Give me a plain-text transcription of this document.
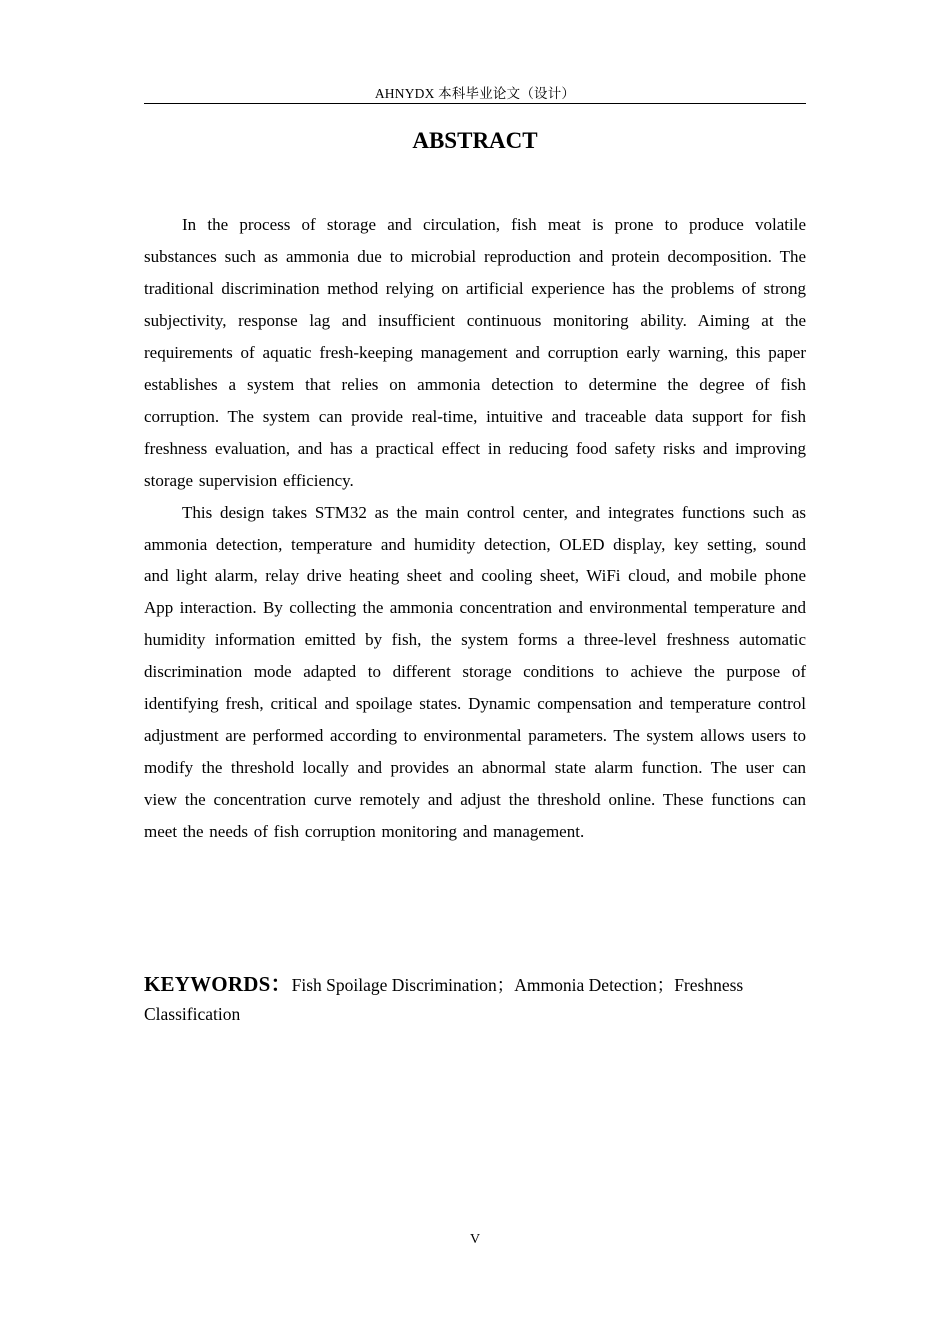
AHNYDX 本科毕业论文（设计）
ABSTRACT

In the process of storage and circulation, fish meat is prone to produce volatile substances such as ammonia due to microbial reproduction and protein decomposition. The traditional discrimination method relying on artificial experience has the problems of strong subjectivity, response lag and insufficient continuous monitoring ability. Aiming at the requirements of aquatic fresh-keeping management and corruption early warning, this paper establishes a system that relies on ammonia detection to determine the degree of fish corruption. The system can provide real-time, intuitive and traceable data support for fish freshness evaluation, and has a practical effect in reducing food safety risks and improving storage supervision efficiency.

This design takes STM32 as the main control center, and integrates functions such as ammonia detection, temperature and humidity detection, OLED display, key setting, sound and light alarm, relay drive heating sheet and cooling sheet, WiFi cloud, and mobile phone App interaction. By collecting the ammonia concentration and environmental temperature and humidity information emitted by fish, the system forms a three-level freshness automatic discrimination mode adapted to different storage conditions to achieve the purpose of identifying fresh, critical and spoilage states. Dynamic compensation and temperature control adjustment are performed according to environmental parameters. The system allows users to modify the threshold locally and provides an abnormal state alarm function. The user can view the concentration curve remotely and adjust the threshold online. These functions can meet the needs of fish corruption monitoring and management.

KEYWORDS：Fish Spoilage Discrimination；Ammonia Detection；Freshness Classification
V
